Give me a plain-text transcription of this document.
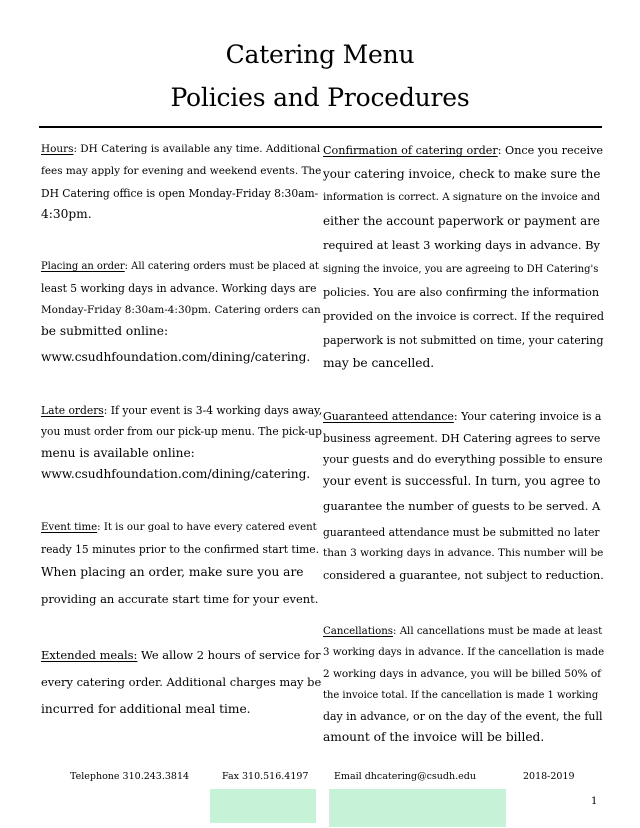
Catering Menu
Policies and Procedures
Hours: DH Catering is available any time. Additional
fees may apply for evening and weekend events. The
DH Catering office is open Monday-Friday 8:30am-
4:30pm.
Placing an order: All catering orders must be placed at
least 5 working days in advance. Working days are
Monday-Friday 8:30am-4:30pm. Catering orders can
be submitted online:
www.csudhfoundation.com/dining/catering.
Late orders: If your event is 3-4 working days away,
you must order from our pick-up menu. The pick-up
menu is available online:
www.csudhfoundation.com/dining/catering.
Event time: It is our goal to have every catered event
ready 15 minutes prior to the confirmed start time.
When placing an order, make sure you are
providing an accurate start time for your event.
Extended meals: We allow 2 hours of service for
every catering order. Additional charges may be
incurred for additional meal time.
Confirmation of catering order: Once you receive
your catering invoice, check to make sure the
information is correct. A signature on the invoice and
either the account paperwork or payment are
required at least 3 working days in advance. By
signing the invoice, you are agreeing to DH Catering's
policies. You are also confirming the information
provided on the invoice is correct. If the required
paperwork is not submitted on time, your catering
may be cancelled.
Guaranteed attendance: Your catering invoice is a
business agreement. DH Catering agrees to serve
your guests and do everything possible to ensure
your event is successful. In turn, you agree to
guarantee the number of guests to be served. A
guaranteed attendance must be submitted no later
than 3 working days in advance. This number will be
considered a guarantee, not subject to reduction.
Cancellations: All cancellations must be made at least
3 working days in advance. If the cancellation is made
2 working days in advance, you will be billed 50% of
the invoice total. If the cancellation is made 1 working
day in advance, or on the day of the event, the full
amount of the invoice will be billed.
Telephone 310.243.3814	Fax 310.516.4197	Email dhcatering@csudh.edu	2018-2019
1
